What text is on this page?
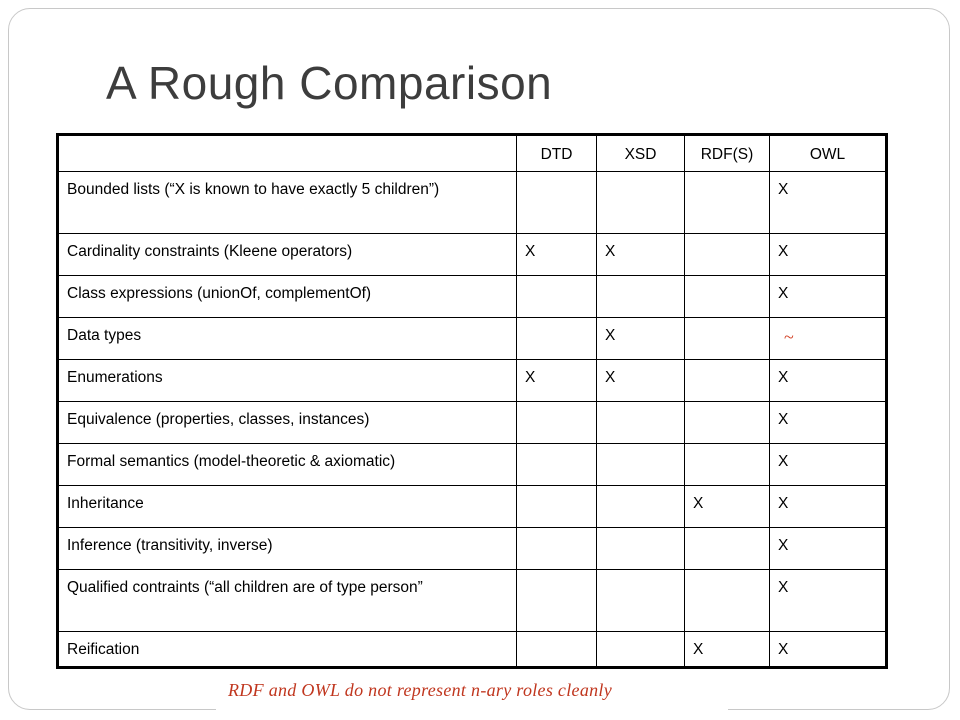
A Rough Comparison
	DTD	XSD	RDF(S)	OWL
Bounded lists (“X is known to have exactly 5 children”)				X
Cardinality constraints (Kleene operators)	X	X		X
Class expressions (unionOf, complementOf)				X
Data types		X		~

Enumerations	X	X		X
Equivalence (properties, classes, instances)				X
Formal semantics (model-theoretic & axiomatic)				X
Inheritance			X	X
Inference (transitivity, inverse)				X
Qualified contraints (“all children are of type person”				X
Reification			X	X
RDF and OWL do not represent n-ary roles cleanly
